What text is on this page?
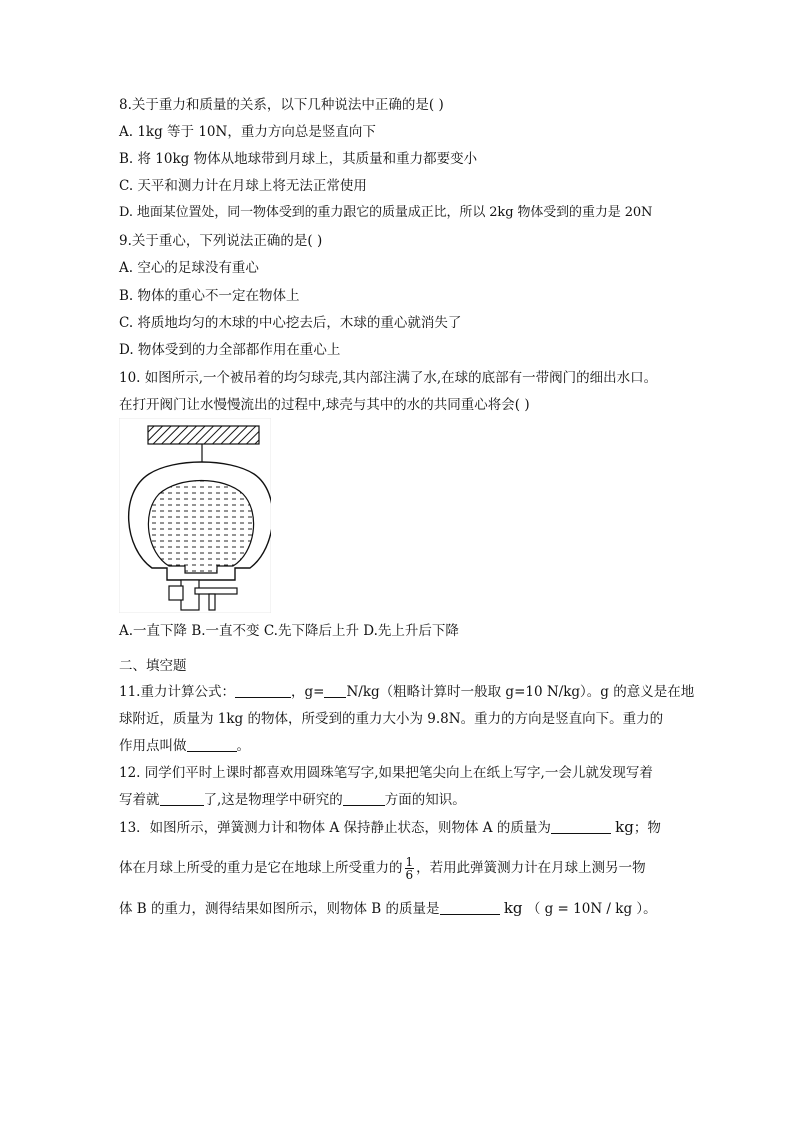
8.关于重力和质量的关系，以下几种说法中正确的是( )
A. 1kg 等于 10N，重力方向总是竖直向下
B. 将 10kg 物体从地球带到月球上，其质量和重力都要变小
C. 天平和测力计在月球上将无法正常使用
D. 地面某位置处，同一物体受到的重力跟它的质量成正比，所以 2kg 物体受到的重力是 20N
9.关于重心，下列说法正确的是( )
A. 空心的足球没有重心
B. 物体的重心不一定在物体上
C. 将质地均匀的木球的中心挖去后，木球的重心就消失了
D. 物体受到的力全部都作用在重心上
10. 如图所示,一个被吊着的均匀球壳,其内部注满了水,在球的底部有一带阀门的细出水口。
在打开阀门让水慢慢流出的过程中,球壳与其中的水的共同重心将会( )
A.一直下降 B.一直不变 C.先下降后上升 D.先上升后下降
二、填空题
11.重力计算公式：	，g= N/kg（粗略计算时一般取 g=10 N/kg）。g 的意义是在地
球附近，质量为 1kg 的物体，所受到的重力大小为 9.8N。重力的方向是竖直向下。重力的
作用点叫做	。
12. 同学们平时上课时都喜欢用圆珠笔写字,如果把笔尖向上在纸上写字,一会儿就发现写着
写着就	了,这是物理学中研究的	方面的知识。
13．如图所示，弹簧测力计和物体 A 保持静止状态，则物体 A 的质量为	kg；物
体在月球上所受的重力是它在地球上所受重力的 $\frac{1}{6}$ ，若用此弹簧测力计在月球上测另一物
体 B 的重力，测得结果如图所示，则物体 B 的质量是	kg （ g = 10N / kg ）。
